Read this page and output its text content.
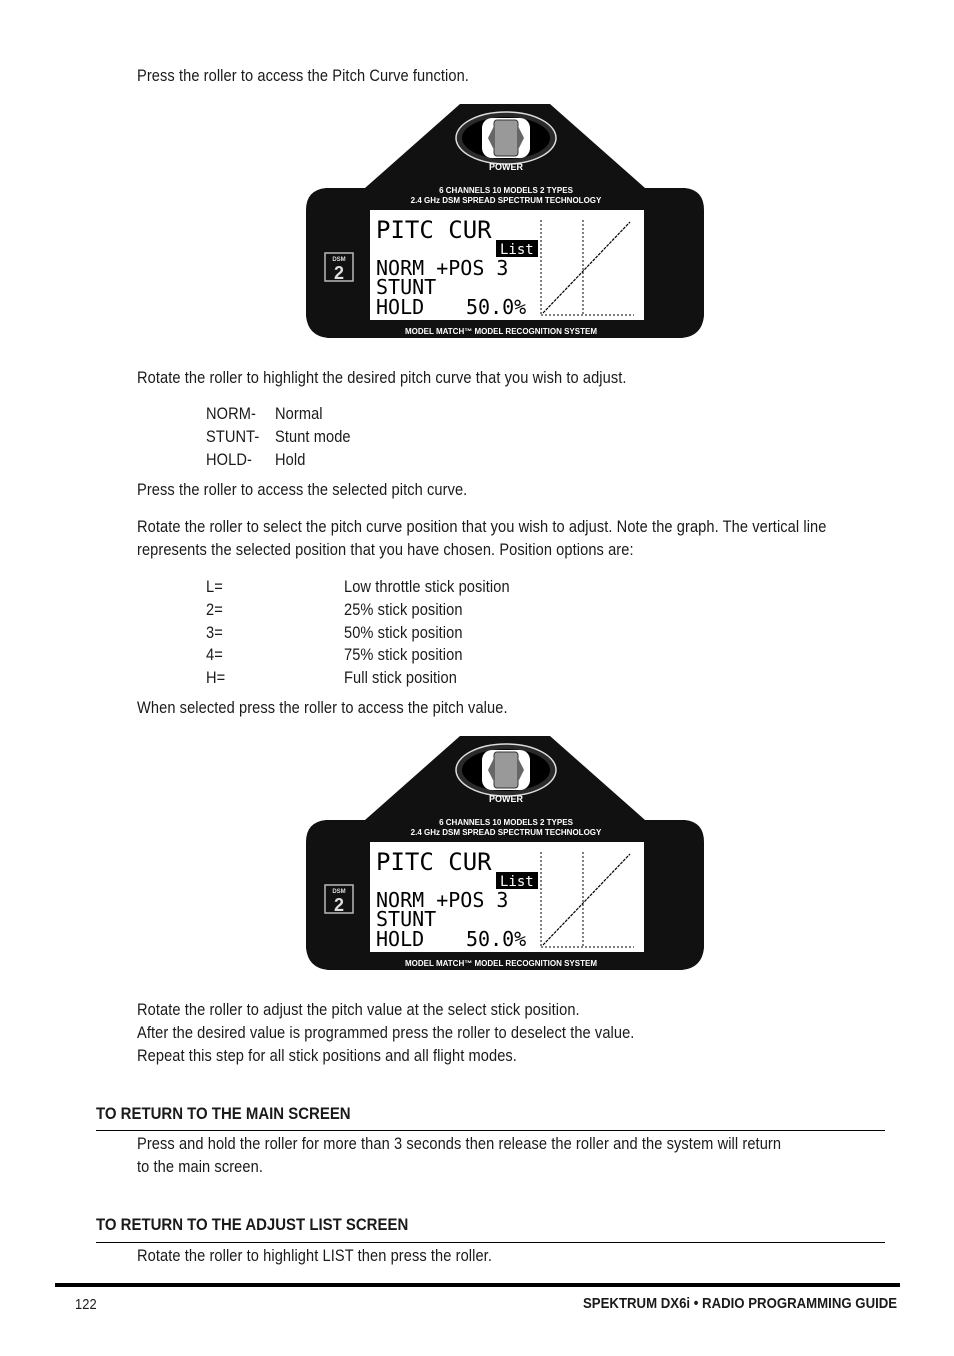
Press the roller to access the Pitch Curve function.
POWER
6 CHANNELS 10 MODELS 2 TYPES
2.4 GHz DSM SPREAD SPECTRUM TECHNOLOGY
DSM
2
PITC CUR
List
NORM +POS 3
STUNT
HOLD 50.0%
MODEL MATCH™ MODEL RECOGNITION SYSTEM
Rotate the roller to highlight the desired pitch curve that you wish to adjust.
NORM- Normal
STUNT- Stunt mode
HOLD- Hold
Press the roller to access the selected pitch curve.
Rotate the roller to select the pitch curve position that you wish to adjust. Note the graph. The vertical line
represents the selected position that you have chosen. Position options are:
L=	Low throttle stick position
2=	25% stick position
3=	50% stick position
4=	75% stick position
H=	Full stick position
When selected press the roller to access the pitch value.
POWER
6 CHANNELS 10 MODELS 2 TYPES
2.4 GHz DSM SPREAD SPECTRUM TECHNOLOGY
DSM
2
PITC CUR
List
NORM +POS 3
STUNT
HOLD 50.0%
MODEL MATCH™ MODEL RECOGNITION SYSTEM
Rotate the roller to adjust the pitch value at the select stick position.
After the desired value is programmed press the roller to deselect the value.
Repeat this step for all stick positions and all flight modes.
TO RETURN TO THE MAIN SCREEN
Press and hold the roller for more than 3 seconds then release the roller and the system will return
to the main screen.
TO RETURN TO THE ADJUST LIST SCREEN
Rotate the roller to highlight LIST then press the roller.
122	SPEKTRUM DX6i • RADIO PROGRAMMING GUIDE
